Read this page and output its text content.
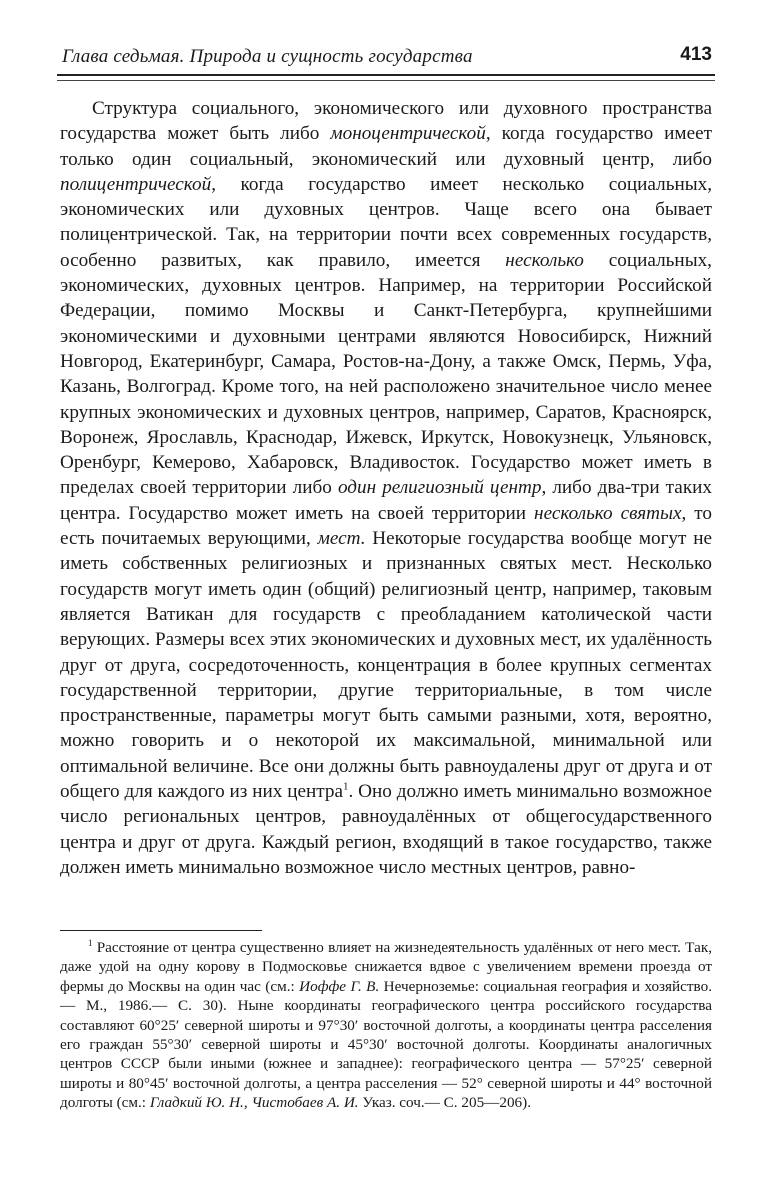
Глава седьмая. Природа и сущность государства	413

Структура социального, экономического или духовного пространства государства может быть либо моноцентрической, когда государство имеет только один социальный, экономический или духовный центр, либо полицентрической, когда государство имеет несколько социальных, экономических или духовных центров. Чаще всего она бывает полицентрической. Так, на территории почти всех современных государств, особенно развитых, как правило, имеется несколько социальных, экономических, духовных центров. Например, на территории Российской Федерации, помимо Москвы и Санкт-Петербурга, крупнейшими экономическими и духовными центрами являются Новосибирск, Нижний Новгород, Екатеринбург, Самара, Ростов-на-Дону, а также Омск, Пермь, Уфа, Казань, Волгоград. Кроме того, на ней расположено значительное число менее крупных экономических и духовных центров, например, Саратов, Красноярск, Воронеж, Ярославль, Краснодар, Ижевск, Иркутск, Новокузнецк, Ульяновск, Оренбург, Кемерово, Хабаровск, Владивосток. Государство может иметь в пределах своей территории либо один религиозный центр, либо два-три таких центра. Государство может иметь на своей территории несколько святых, то есть почитаемых верующими, мест. Некоторые государства вообще могут не иметь собственных религиозных и признанных святых мест. Несколько государств могут иметь один (общий) религиозный центр, например, таковым является Ватикан для государств с преобладанием католической части верующих. Размеры всех этих экономических и духовных мест, их удалённость друг от друга, сосредоточенность, концентрация в более крупных сегментах государственной территории, другие территориальные, в том числе пространственные, параметры могут быть самыми разными, хотя, вероятно, можно говорить и о некоторой их максимальной, минимальной или оптимальной величине. Все они должны быть равноудалены друг от друга и от общего для каждого из них центра$^1$. Оно должно иметь минимально возможное число региональных центров, равноудалённых от общегосударственного центра и друг от друга. Каждый регион, входящий в такое государство, также должен иметь минимально возможное число местных центров, равно-

$^1$ Расстояние от центра существенно влияет на жизнедеятельность удалённых от него мест. Так, даже удой на одну корову в Подмосковье снижается вдвое с увеличением времени проезда от фермы до Москвы на один час (см.: Иоффе Г. В. Нечерноземье: социальная география и хозяйство.— М., 1986.— С. 30). Ныне координаты географического центра российского государства составляют 60°25′ северной широты и 97°30′ восточной долготы, а координаты центра расселения его граждан 55°30′ северной широты и 45°30′ восточной долготы. Координаты аналогичных центров СССР были иными (южнее и западнее): географического центра — 57°25′ северной широты и 80°45′ восточной долготы, а центра расселения — 52° северной широты и 44° восточной долготы (см.: Гладкий Ю. Н., Чистобаев А. И. Указ. соч.— С. 205—206).
